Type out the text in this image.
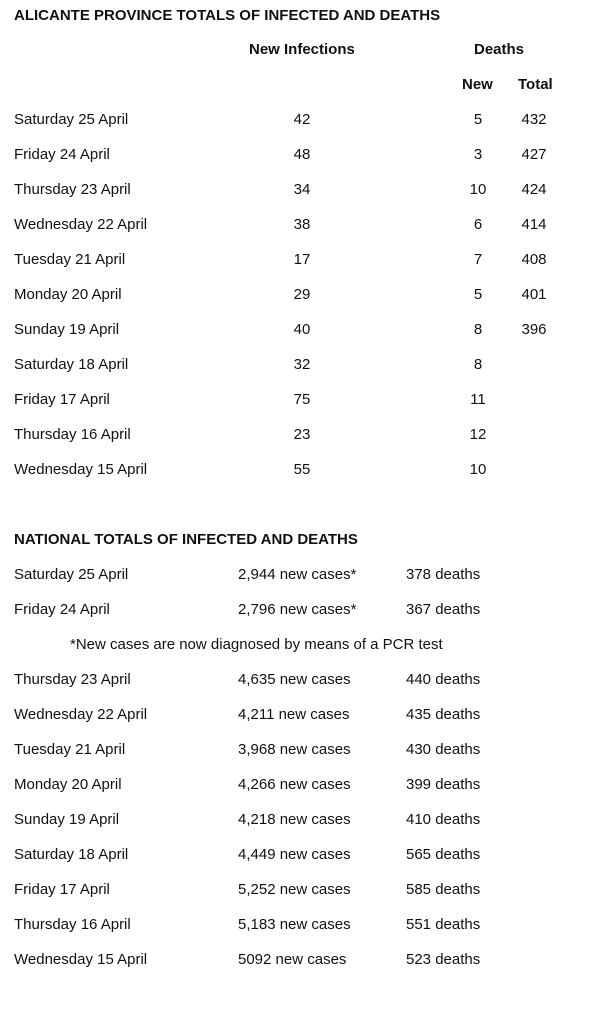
ALICANTE PROVINCE TOTALS OF INFECTED AND DEATHS
New Infections	Deaths
New Total
Saturday 25 April	42	5	432
Friday 24 April	48	3	427
Thursday 23 April	34	10	424
Wednesday 22 April	38	6	414
Tuesday 21 April	17	7	408
Monday 20 April	29	5	401
Sunday 19 April	40	8	396
Saturday 18 April	32	8
Friday 17 April	75	11
Thursday 16 April	23	12
Wednesday 15 April	55	10
NATIONAL TOTALS OF INFECTED AND DEATHS
Saturday 25 April	2,944 new cases*	378 deaths
Friday 24 April	2,796 new cases*	367 deaths
*New cases are now diagnosed by means of a PCR test
Thursday 23 April	4,635 new cases	440 deaths
Wednesday 22 April	4,211 new cases	435 deaths
Tuesday 21 April	3,968 new cases	430 deaths
Monday 20 April	4,266 new cases	399 deaths
Sunday 19 April	4,218 new cases	410 deaths
Saturday 18 April	4,449 new cases	565 deaths
Friday 17 April	5,252 new cases	585 deaths
Thursday 16 April	5,183 new cases	551 deaths
Wednesday 15 April	5092 new cases	523 deaths
